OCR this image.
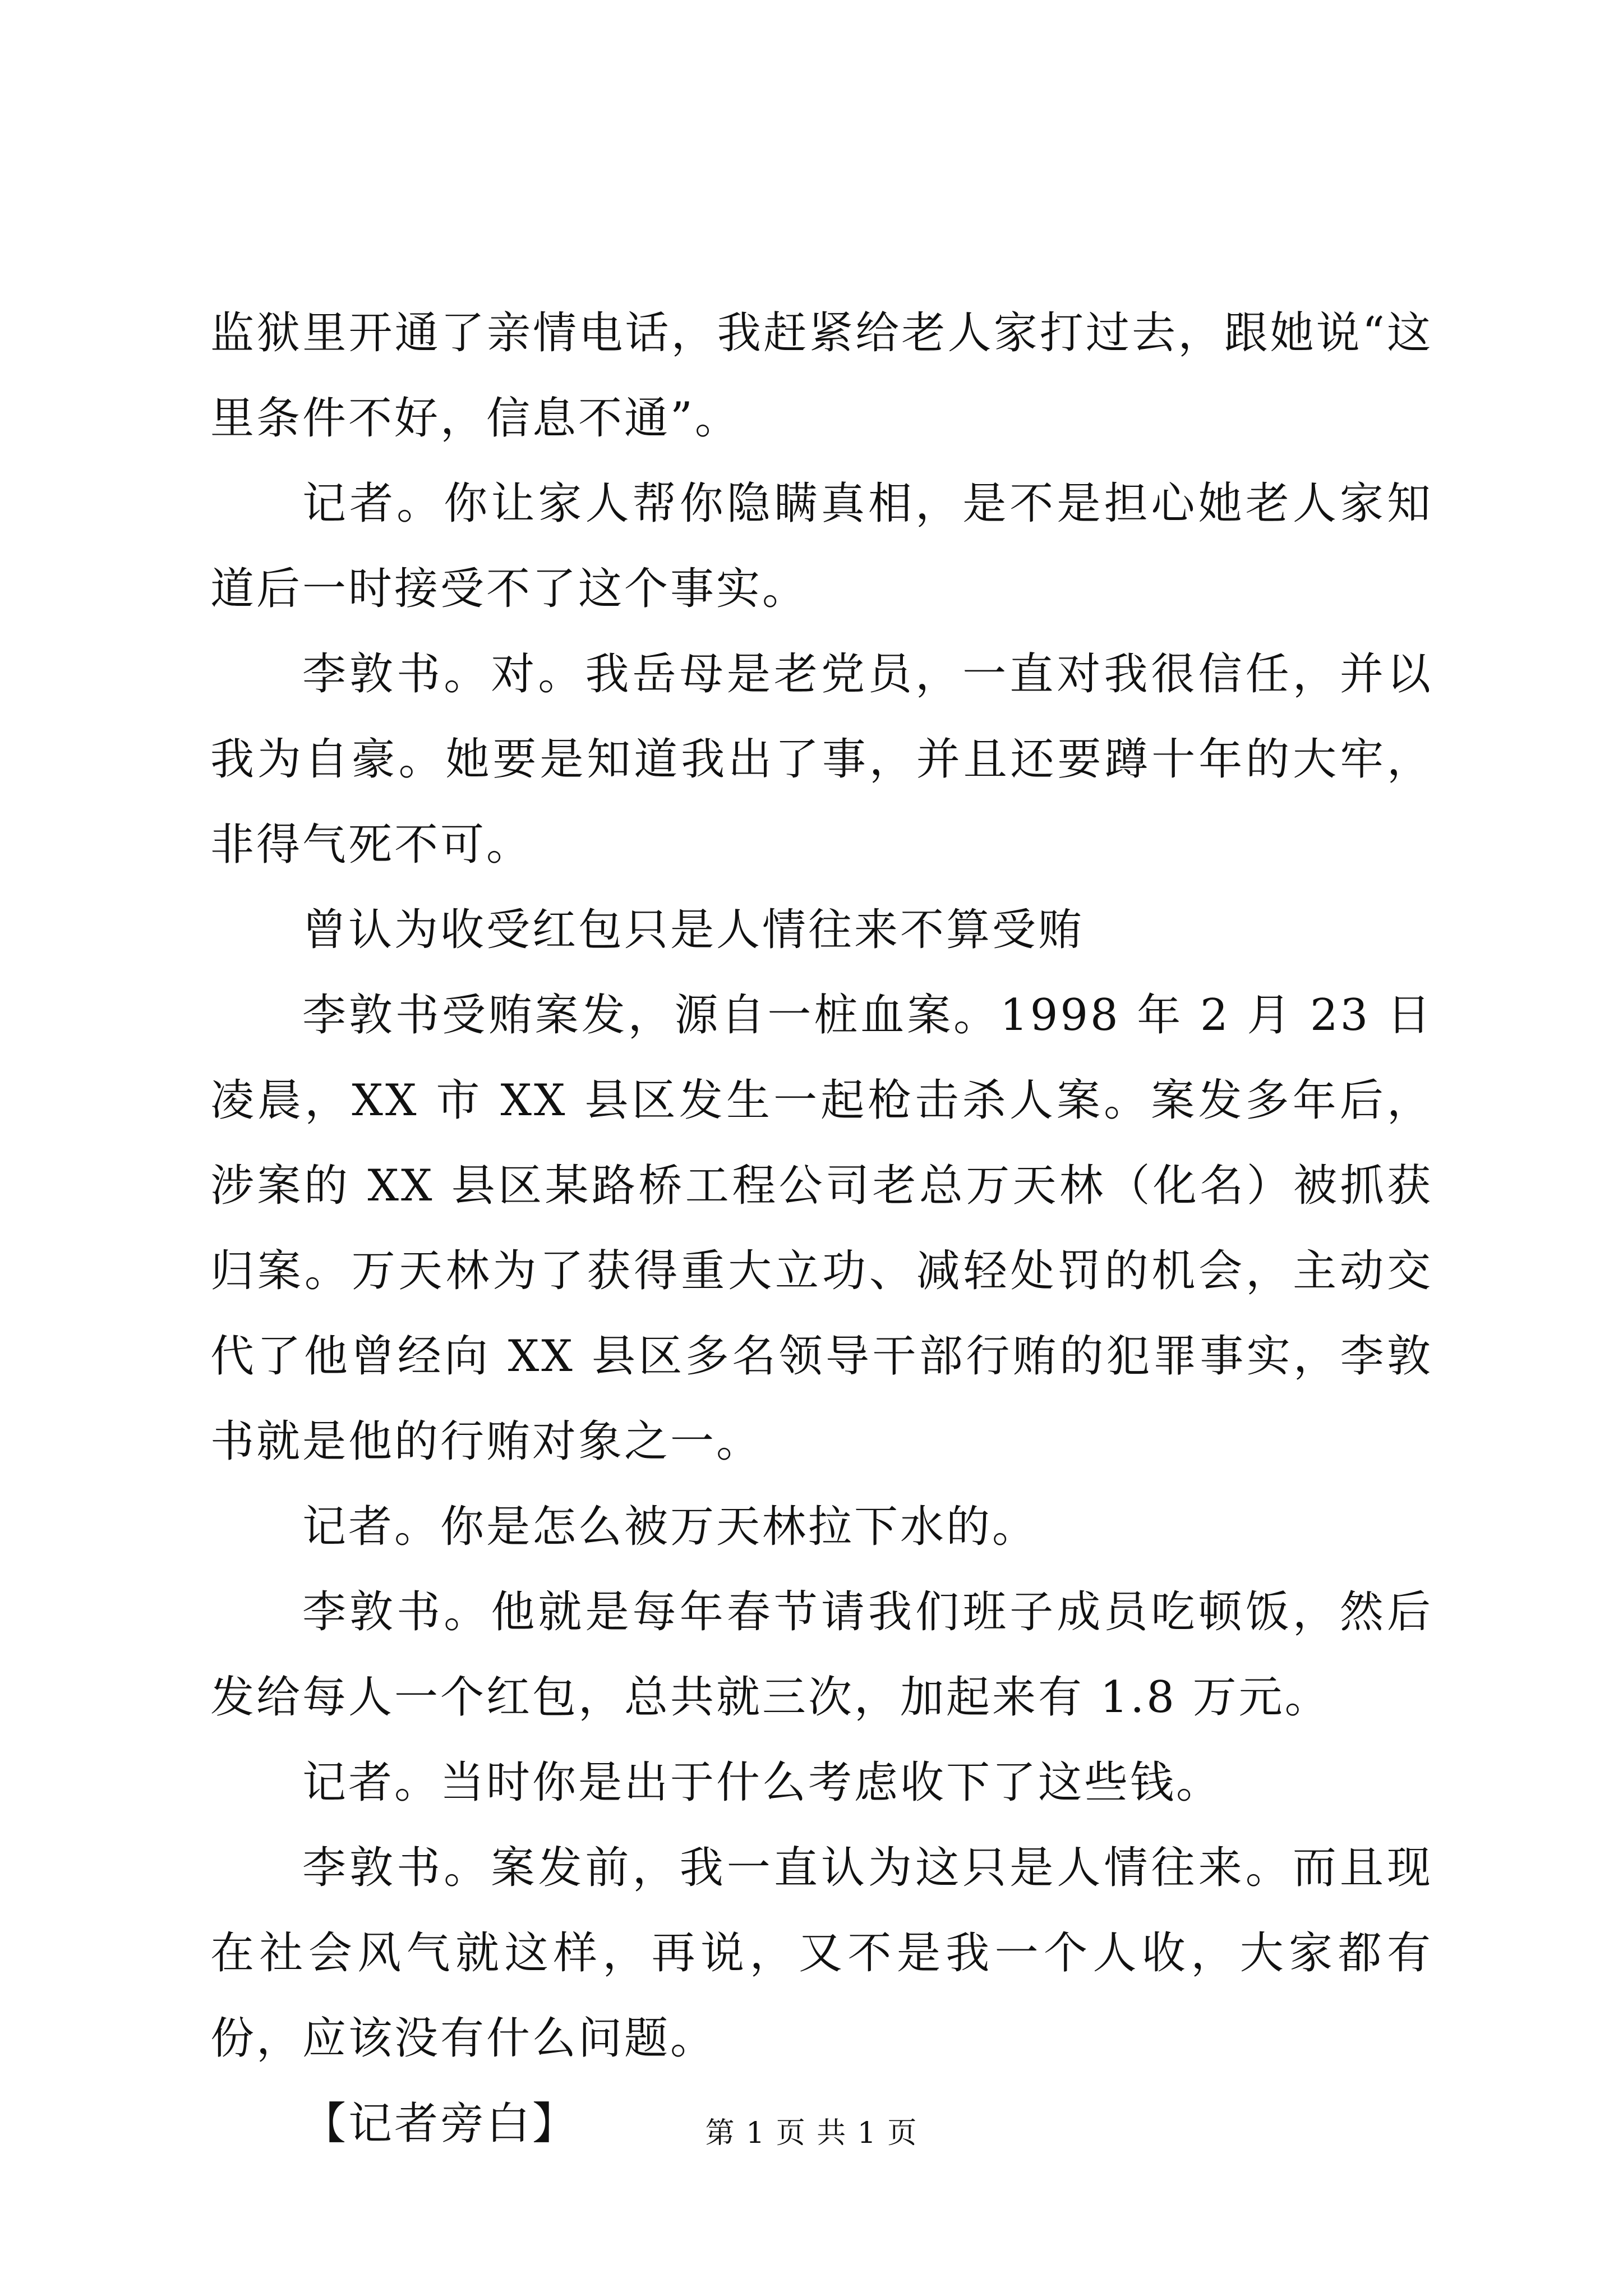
监狱里开通了亲情电话，我赶紧给老人家打过去，跟她说“这里条件不好，信息不通”。

记者。你让家人帮你隐瞒真相，是不是担心她老人家知道后一时接受不了这个事实。

李敦书。对。我岳母是老党员，一直对我很信任，并以我为自豪。她要是知道我出了事，并且还要蹲十年的大牢，非得气死不可。

曾认为收受红包只是人情往来不算受贿

李敦书受贿案发，源自一桩血案。1998 年 2 月 23 日凌晨，XX 市 XX 县区发生一起枪击杀人案。案发多年后，涉案的 XX 县区某路桥工程公司老总万天林（化名）被抓获归案。万天林为了获得重大立功、减轻处罚的机会，主动交代了他曾经向 XX 县区多名领导干部行贿的犯罪事实，李敦书就是他的行贿对象之一。

记者。你是怎么被万天林拉下水的。

李敦书。他就是每年春节请我们班子成员吃顿饭，然后发给每人一个红包，总共就三次，加起来有 1.8 万元。

记者。当时你是出于什么考虑收下了这些钱。

李敦书。案发前，我一直认为这只是人情往来。而且现在社会风气就这样，再说，又不是我一个人收，大家都有份，应该没有什么问题。

【记者旁白】	第 1 页 共 1 页
